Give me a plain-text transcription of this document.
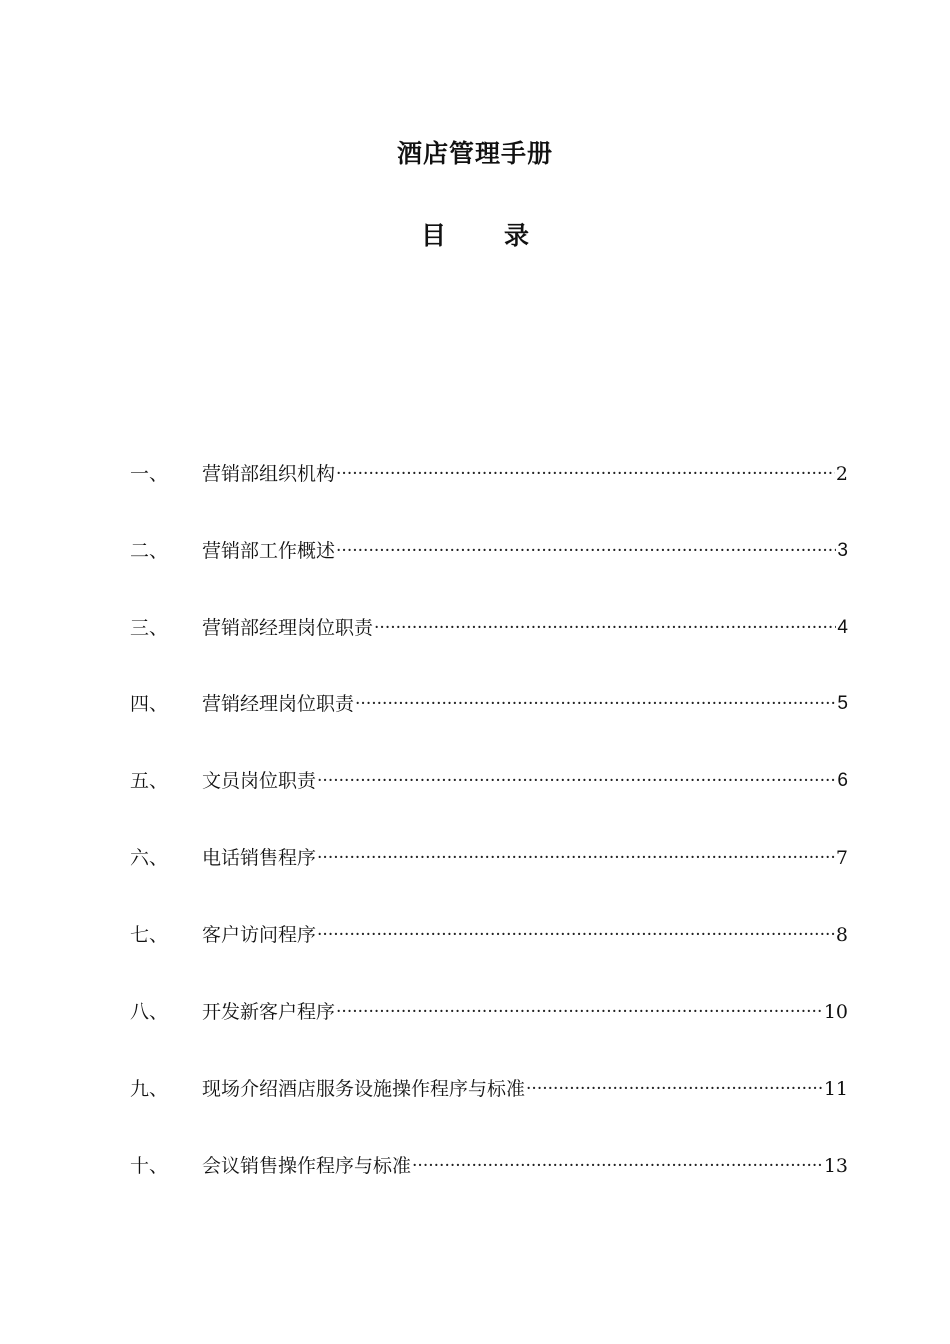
酒店管理手册
目 录
一、	营销部组织机构 ·····	2
二、	营销部工作概述 ·····	3
三、	营销部经理岗位职责 ·····	4
四、	营销经理岗位职责 ·····	5
五、	文员岗位职责 ·····	6
六、	电话销售程序 ·····	7
七、	客户访问程序 ·····	8
八、	开发新客户程序 ·····	10
九、	现场介绍酒店服务设施操作程序与标准 ·····	11
十、	会议销售操作程序与标准 ·····	13
